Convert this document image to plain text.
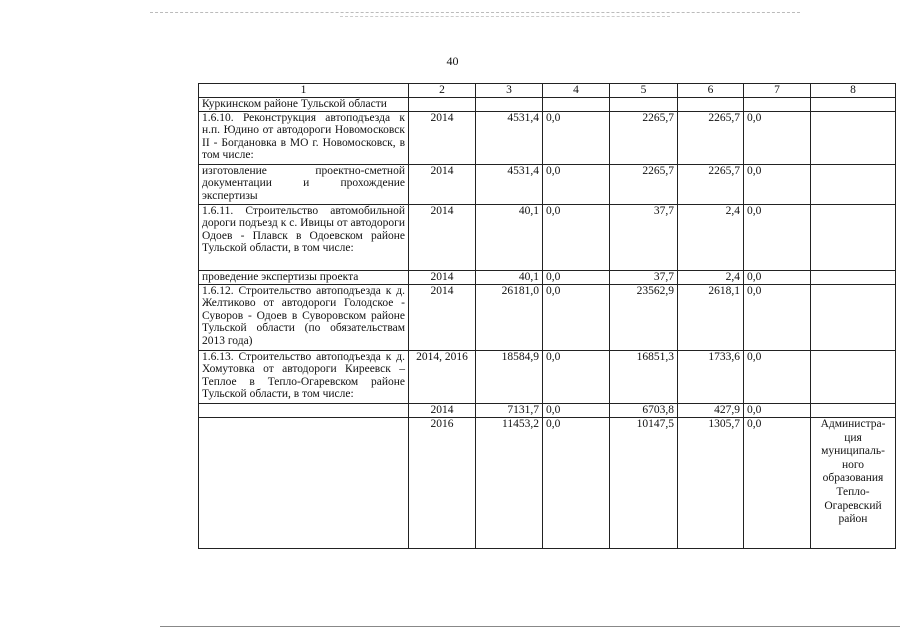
40
1	2	3	4	5	6	7	8
Куркинском районе Тульской области							
1.6.10. Реконструкция автоподъезда к н.п. Юдино от автодороги Новомосковск II - Богдановка в МО г. Новомосковск, в том числе:	2014	4531,4	0,0	2265,7	2265,7	0,0	
изготовление проектно-сметной документации и прохождение экспертизы	2014	4531,4	0,0	2265,7	2265,7	0,0	
1.6.11. Строительство автомобильной дороги подъезд к с. Ивицы от автодороги Одоев - Плавск в Одоевском районе Тульской области, в том числе:	2014	40,1	0,0	37,7	2,4	0,0	
проведение экспертизы проекта	2014	40,1	0,0	37,7	2,4	0,0	
1.6.12. Строительство автоподъезда к д. Желтиково от автодороги Голодское - Суворов - Одоев в Суворовском районе Тульской области (по обязательствам 2013 года)	2014	26181,0	0,0	23562,9	2618,1	0,0	
1.6.13. Строительство автоподъезда к д. Хомутовка от автодороги Киреевск – Теплое в Тепло-Огаревском районе Тульской области, в том числе:	2014, 2016	18584,9	0,0	16851,3	1733,6	0,0	
	2014	7131,7	0,0	6703,8	427,9	0,0	
	2016	11453,2	0,0	10147,5	1305,7	0,0	Администра-ция муниципаль-ного образования Тепло-Огаревский район
